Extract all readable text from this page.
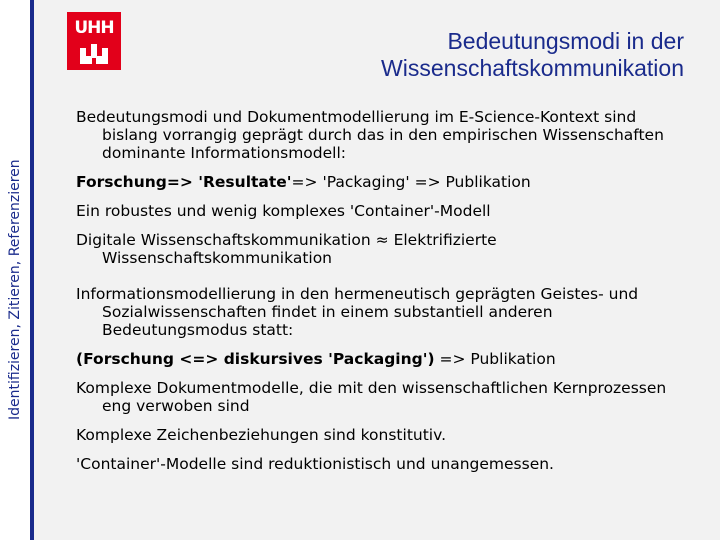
Identifizieren, Zitieren, Referenzieren
UHH	Bedeutungsmodi in der
Wissenschaftskommunikation
Bedeutungsmodi und Dokumentmodellierung im E-Science-Kontext sind bislang vorrangig geprägt durch das in den empirischen Wissenschaften dominante Informationsmodell:
Forschung=> 'Resultate'=> 'Packaging' => Publikation
Ein robustes und wenig komplexes 'Container'-Modell
Digitale Wissenschaftskommunikation ≈ Elektrifizierte Wissenschaftskommunikation
Informationsmodellierung in den hermeneutisch geprägten Geistes- und Sozialwissenschaften findet in einem substantiell anderen Bedeutungsmodus statt:
(Forschung <=> diskursives 'Packaging') => Publikation
Komplexe Dokumentmodelle, die mit den wissenschaftlichen Kernprozessen eng verwoben sind
Komplexe Zeichenbeziehungen sind konstitutiv.
'Container'-Modelle sind reduktionistisch und unangemessen.
